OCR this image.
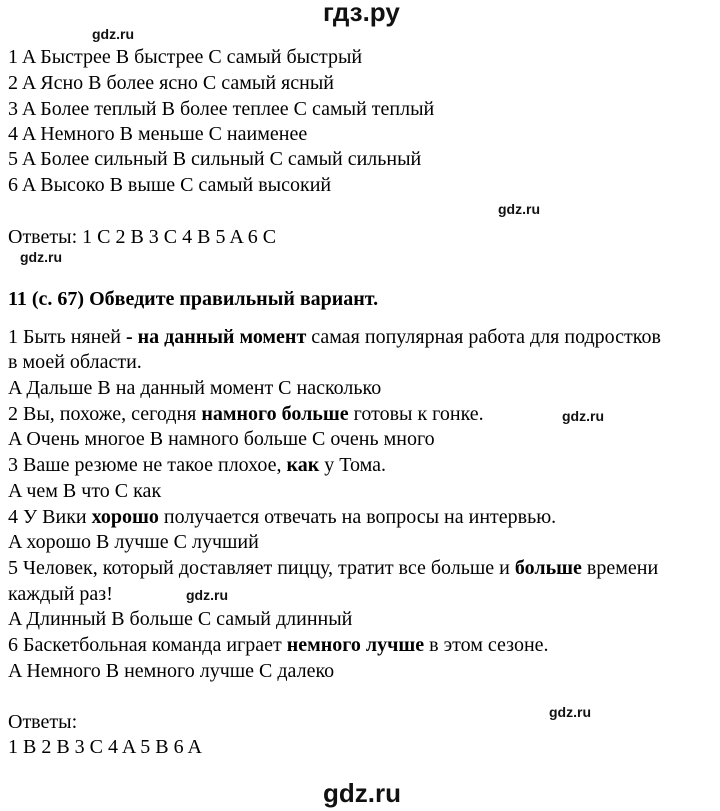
гдз.ру
gdz.ru
gdz.ru
gdz.ru
gdz.ru
gdz.ru
gdz.ru
gdz.ru
1 A Быстрее B быстрее C самый быстрый
2 A Ясно B более ясно C самый ясный
3 A Более теплый B более теплее C самый теплый
4 A Немного B меньше C наименее
5 A Более сильный B сильный C самый сильный
6 A Высоко B выше C самый высокий
Ответы: 1 C 2 B 3 C 4 B 5 A 6 C
11 (с. 67) Обведите правильный вариант.
1 Быть няней - на данный момент самая популярная работа для подростков
в моей области.
A Дальше B на данный момент C насколько
2 Вы, похоже, сегодня намного больше готовы к гонке.
A Очень многое B намного больше C очень много
3 Ваше резюме не такое плохое, как у Тома.
A чем B что C как
4 У Вики хорошо получается отвечать на вопросы на интервью.
A хорошо B лучше C лучший
5 Человек, который доставляет пиццу, тратит все больше и больше времени
каждый раз!
A Длинный B больше C самый длинный
6 Баскетбольная команда играет немного лучше в этом сезоне.
A Немного B немного лучше C далеко
Ответы:
1 B 2 B 3 C 4 A 5 B 6 A
